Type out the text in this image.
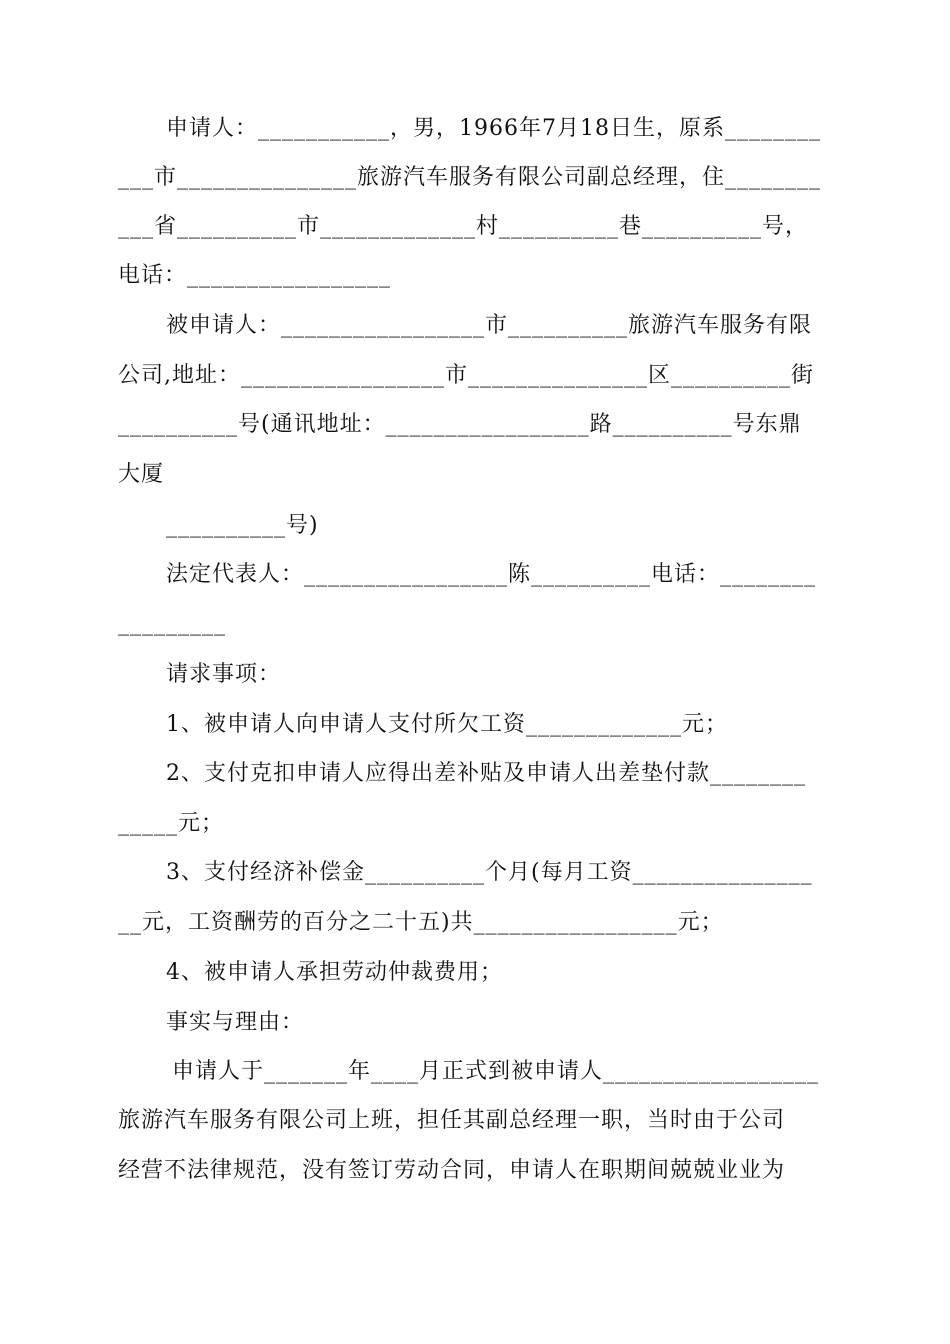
申请人：___________，男，1966年7月18日生，原系________
___市_______________旅游汽车服务有限公司副总经理，住________
___省__________市_____________村__________巷__________号，
电话：_________________
被申请人：_________________市__________旅游汽车服务有限
公司,地址：_________________市_______________区__________街
__________号(通讯地址：_________________路__________号东鼎
大厦
__________号)
法定代表人：_________________陈__________电话：________
_________
请求事项：
1、被申请人向申请人支付所欠工资_____________元；
2、支付克扣申请人应得出差补贴及申请人出差垫付款________
_____元；
3、支付经济补偿金__________个月(每月工资_______________
__元，工资酬劳的百分之二十五)共_________________元；
4、被申请人承担劳动仲裁费用；
事实与理由：
申请人于_______年____月正式到被申请人__________________
旅游汽车服务有限公司上班，担任其副总经理一职，当时由于公司
经营不法律规范，没有签订劳动合同，申请人在职期间兢兢业业为
